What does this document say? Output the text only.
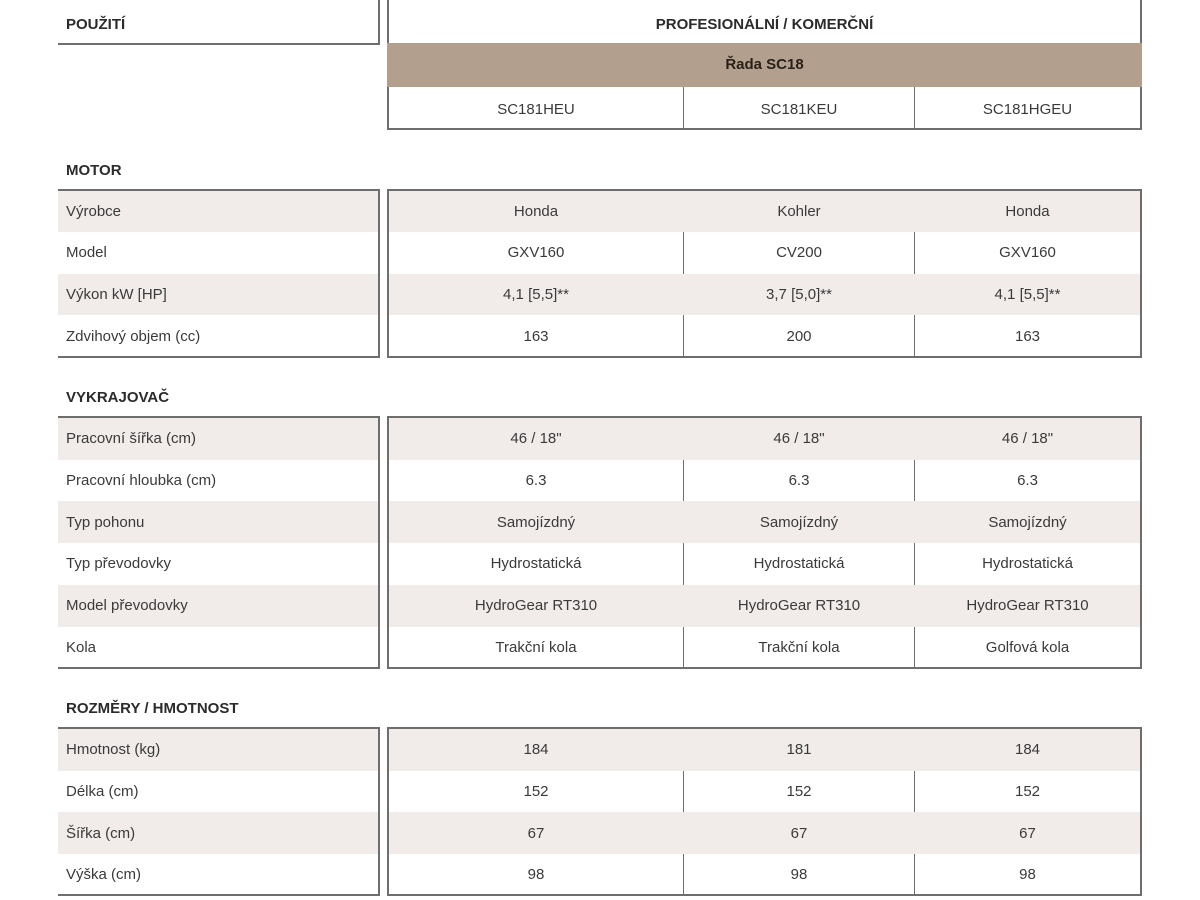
POUŽITÍ	PROFESIONÁLNÍ / KOMERČNÍ
Řada SC18
SC181HEU	SC181KEU	SC181HGEU
MOTOR
Výrobce	Honda	Kohler	Honda
Model	GXV160	CV200	GXV160
Výkon kW [HP]	4,1 [5,5]**	3,7 [5,0]**	4,1 [5,5]**
Zdvihový objem (cc)	163	200	163
VYKRAJOVAČ
Pracovní šířka (cm)	46 / 18"	46 / 18"	46 / 18"
Pracovní hloubka (cm)	6.3	6.3	6.3
Typ pohonu	Samojízdný	Samojízdný	Samojízdný
Typ převodovky	Hydrostatická	Hydrostatická	Hydrostatická
Model převodovky	HydroGear RT310	HydroGear RT310	HydroGear RT310
Kola	Trakční kola	Trakční kola	Golfová kola
ROZMĚRY / HMOTNOST
Hmotnost (kg)	184	181	184
Délka (cm)	152	152	152
Šířka (cm)	67	67	67
Výška (cm)	98	98	98
